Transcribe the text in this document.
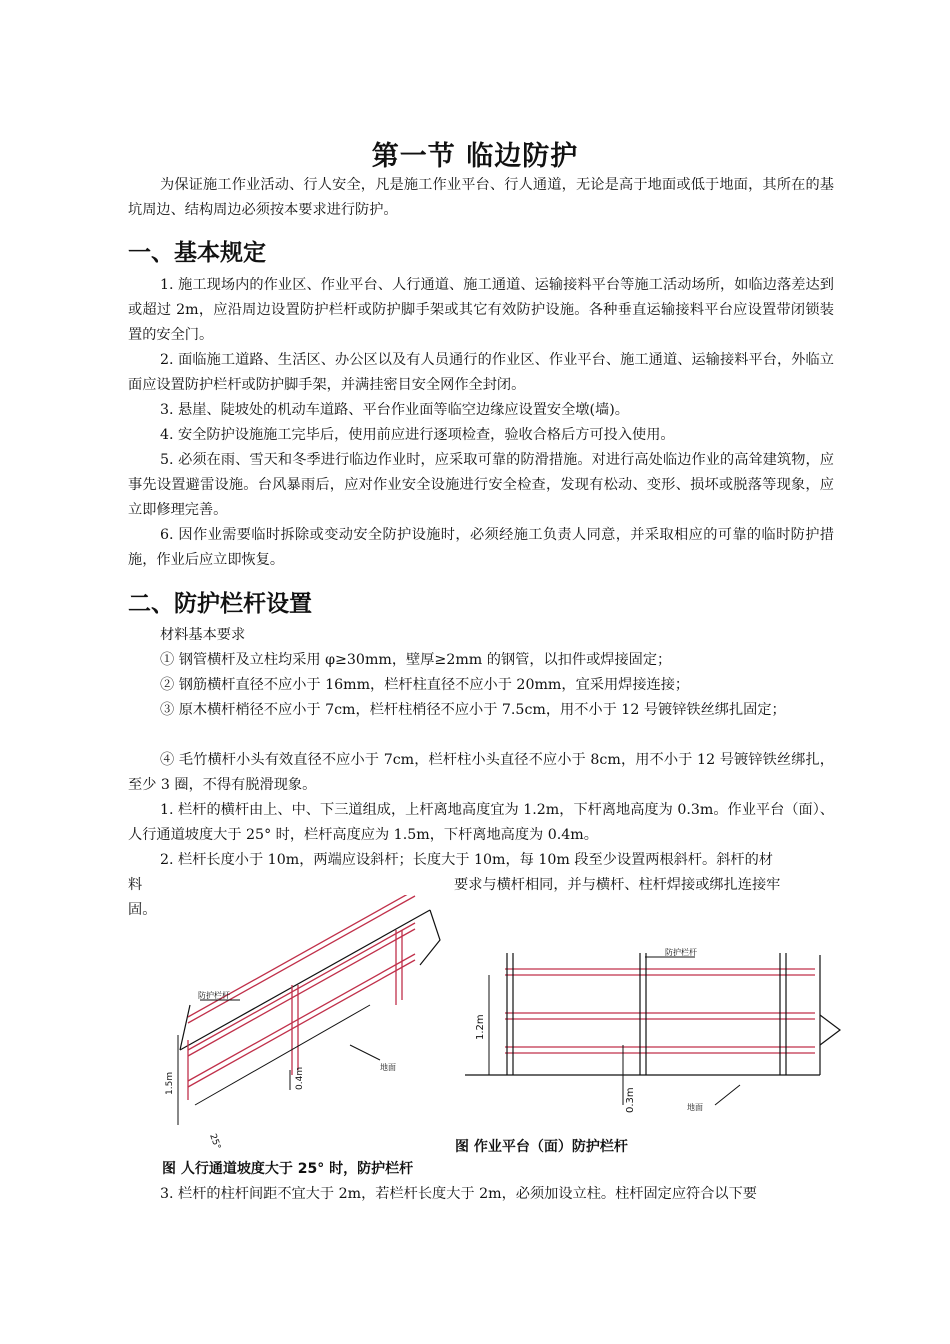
第一节 临边防护
为保证施工作业活动、行人安全，凡是施工作业平台、行人通道，无论是高于地面或低于地面，其所在的基坑周边、结构周边必须按本要求进行防护。
一、基本规定
1. 施工现场内的作业区、作业平台、人行通道、施工通道、运输接料平台等施工活动场所，如临边落差达到或超过 2m，应沿周边设置防护栏杆或防护脚手架或其它有效防护设施。各种垂直运输接料平台应设置带闭锁装置的安全门。
2. 面临施工道路、生活区、办公区以及有人员通行的作业区、作业平台、施工通道、运输接料平台，外临立面应设置防护栏杆或防护脚手架，并满挂密目安全网作全封闭。
3. 悬崖、陡坡处的机动车道路、平台作业面等临空边缘应设置安全墩(墙)。
4. 安全防护设施施工完毕后，使用前应进行逐项检查，验收合格后方可投入使用。
5. 必须在雨、雪天和冬季进行临边作业时，应采取可靠的防滑措施。对进行高处临边作业的高耸建筑物，应事先设置避雷设施。台风暴雨后，应对作业安全设施进行安全检查，发现有松动、变形、损坏或脱落等现象，应立即修理完善。
6. 因作业需要临时拆除或变动安全防护设施时，必须经施工负责人同意，并采取相应的可靠的临时防护措施，作业后应立即恢复。
二、防护栏杆设置
材料基本要求
① 钢管横杆及立柱均采用 φ≥30mm，壁厚≥2mm 的钢管，以扣件或焊接固定；
② 钢筋横杆直径不应小于 16mm，栏杆柱直径不应小于 20mm，宜采用焊接连接；
③ 原木横杆梢径不应小于 7cm，栏杆柱梢径不应小于 7.5cm，用不小于 12 号镀锌铁丝绑扎固定；
④ 毛竹横杆小头有效直径不应小于 7cm，栏杆柱小头直径不应小于 8cm，用不小于 12 号镀锌铁丝绑扎，至少 3 圈，不得有脱滑现象。
1. 栏杆的横杆由上、中、下三道组成，上杆离地高度宜为 1.2m，下杆离地高度为 0.3m。作业平台（面）、人行通道坡度大于 25° 时，栏杆高度应为 1.5m，下杆离地高度为 0.4m。
2. 栏杆长度小于 10m，两端应设斜杆；长度大于 10m，每 10m 段至少设置两根斜杆。斜杆的材
料	要求与横杆相同，并与横杆、柱杆焊接或绑扎连接牢
固。
防护栏杆
地面
1.5m	0.4m
25°
防护栏杆
地面
1.2m
0.3m
图 作业平台（面）防护栏杆
图 人行通道坡度大于 25° 时，防护栏杆
3. 栏杆的柱杆间距不宜大于 2m，若栏杆长度大于 2m，必须加设立柱。柱杆固定应符合以下要
